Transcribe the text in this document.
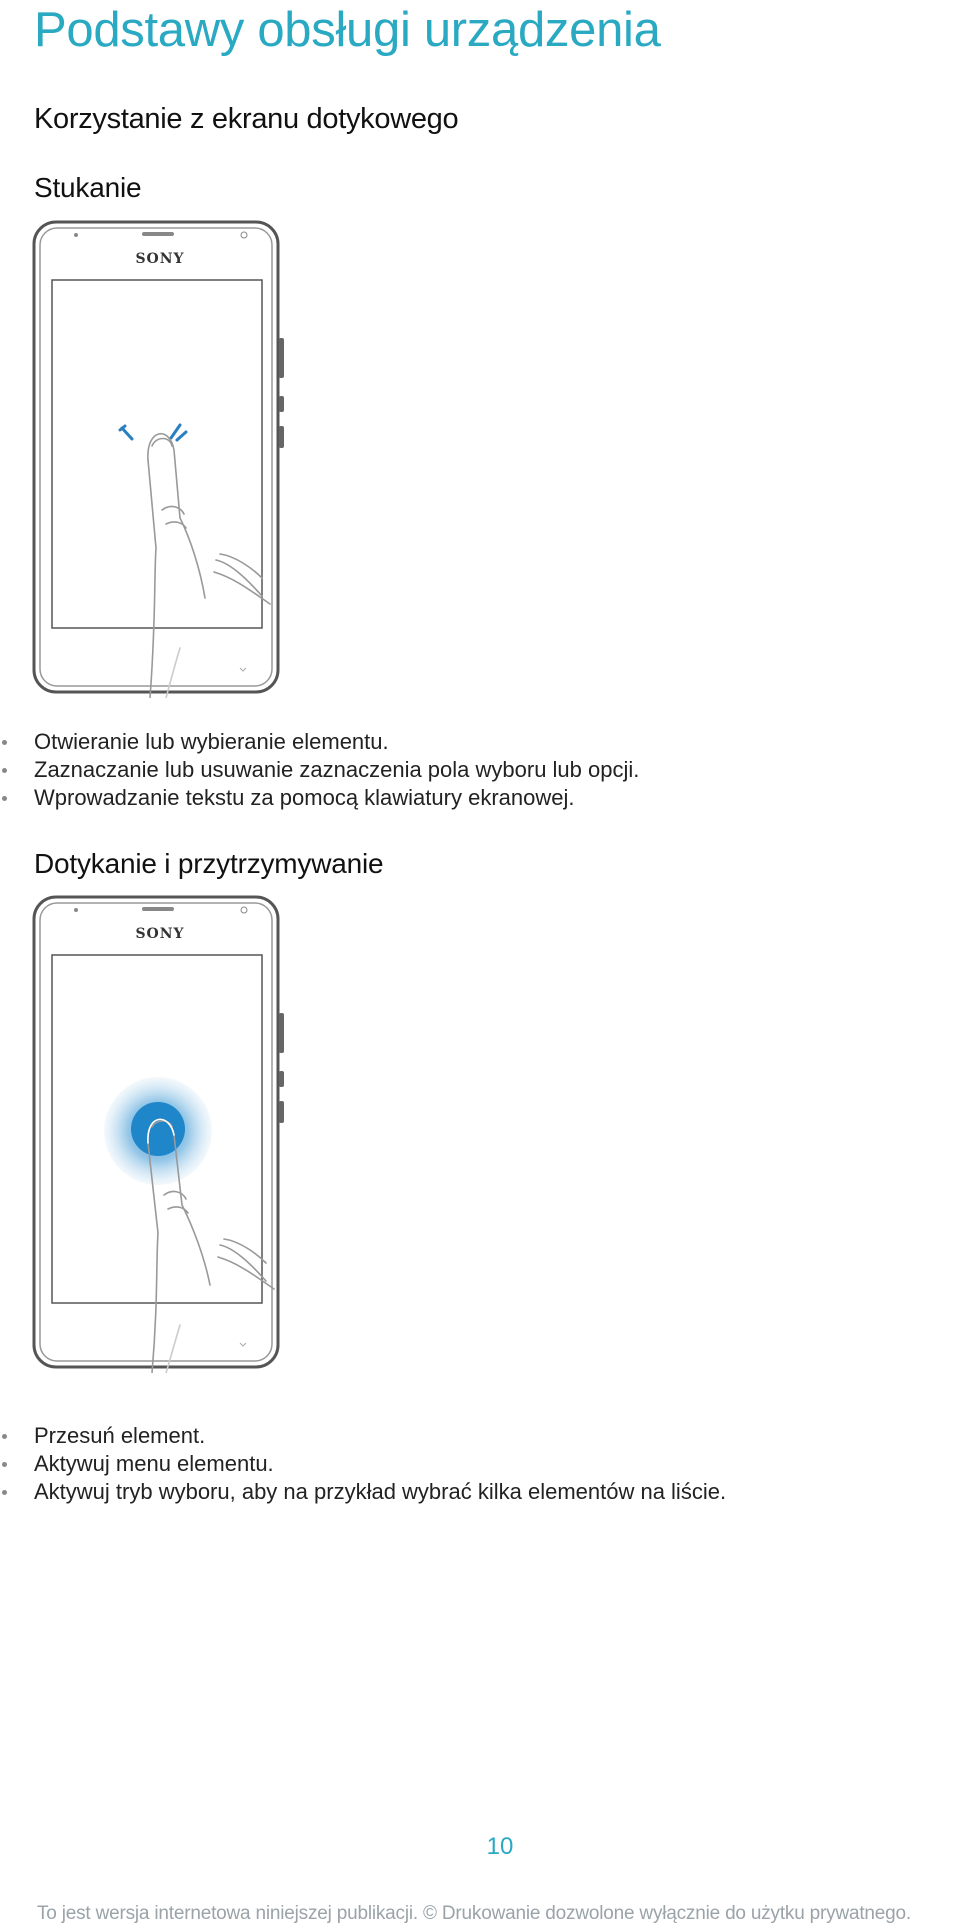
Podstawy obsługi urządzenia
Korzystanie z ekranu dotykowego
Stukanie
SONY
Otwieranie lub wybieranie elementu.
Zaznaczanie lub usuwanie zaznaczenia pola wyboru lub opcji.
Wprowadzanie tekstu za pomocą klawiatury ekranowej.
Dotykanie i przytrzymywanie
SONY
Przesuń element.
Aktywuj menu elementu.
Aktywuj tryb wyboru, aby na przykład wybrać kilka elementów na liście.
10
To jest wersja internetowa niniejszej publikacji. © Drukowanie dozwolone wyłącznie do użytku prywatnego.
